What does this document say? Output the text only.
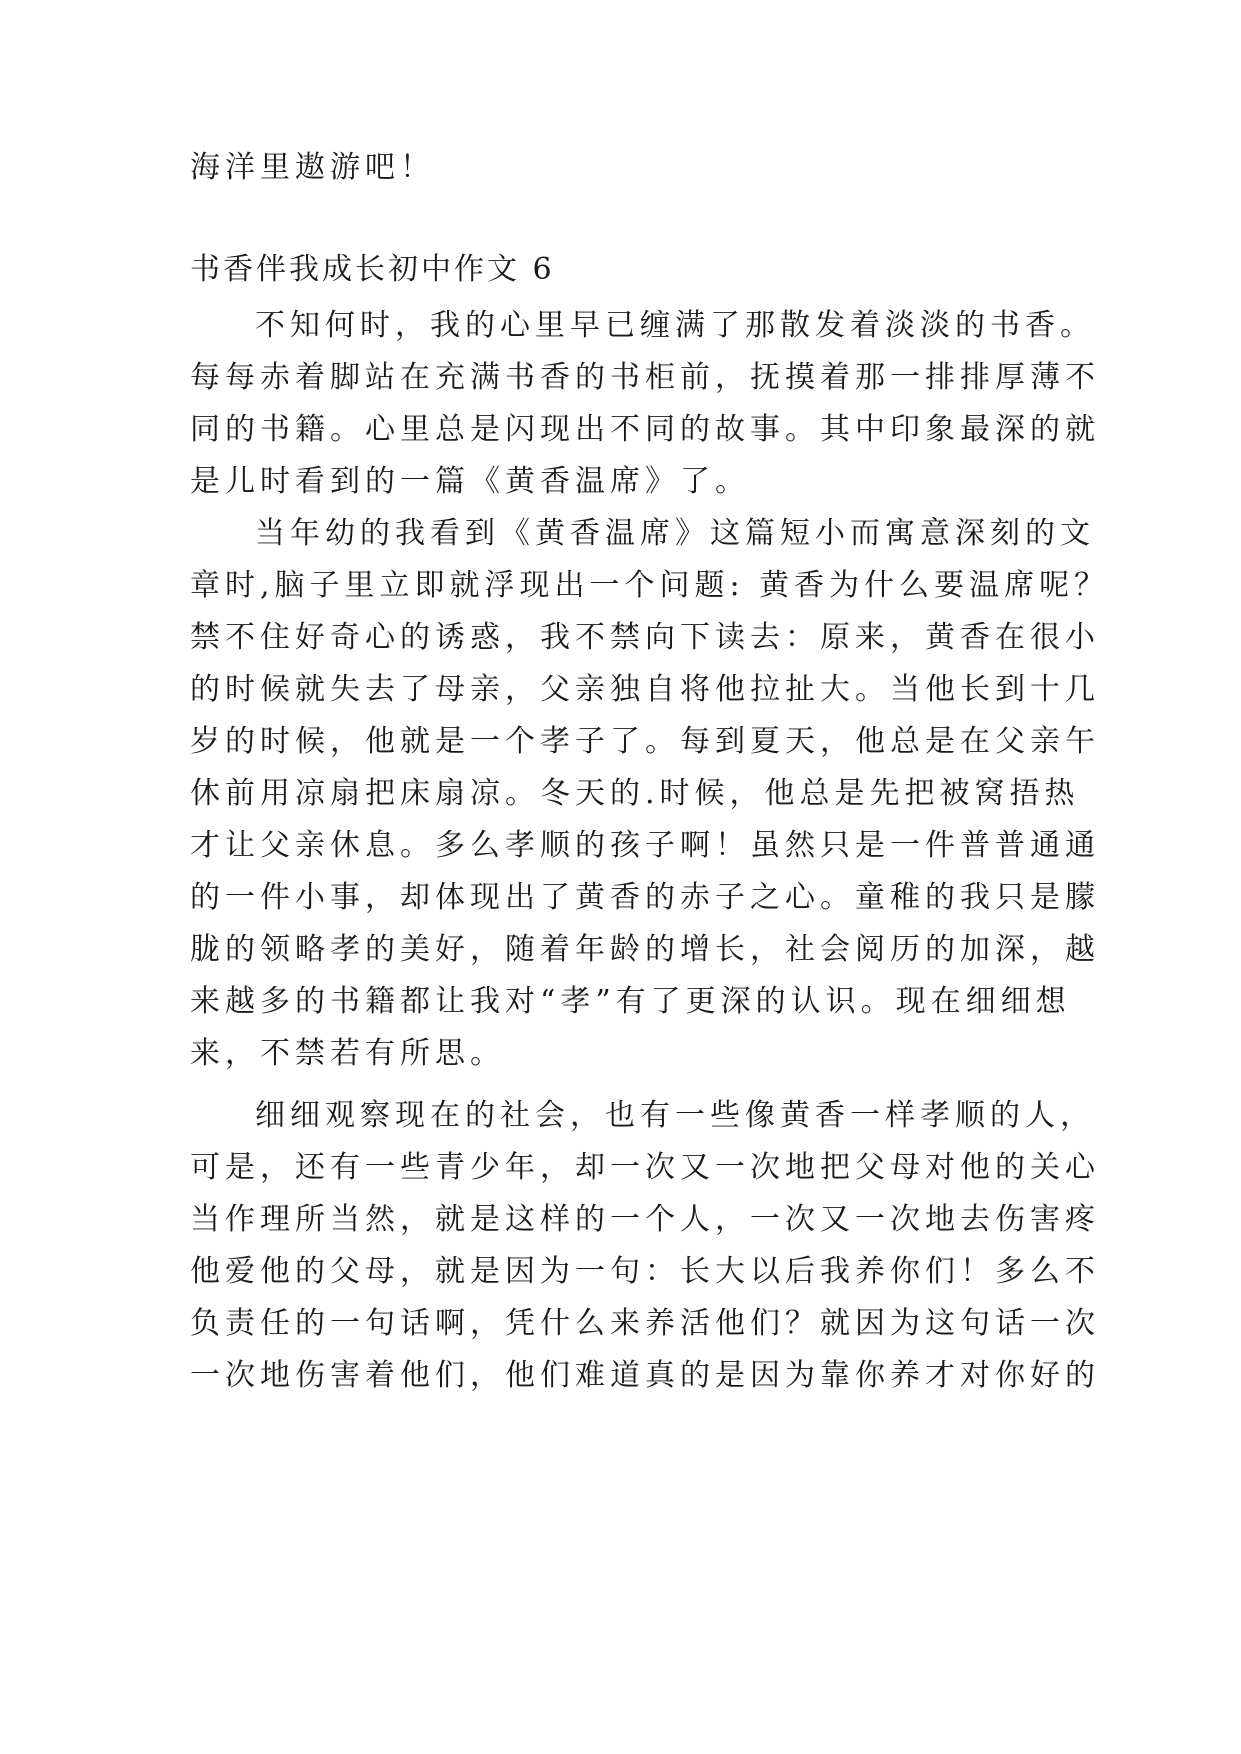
海洋里遨游吧！
书香伴我成长初中作文 6
不知何时，我的心里早已缠满了那散发着淡淡的书香。
每每赤着脚站在充满书香的书柜前，抚摸着那一排排厚薄不
同的书籍。心里总是闪现出不同的故事。其中印象最深的就
是儿时看到的一篇《黄香温席》了。
当年幼的我看到《黄香温席》这篇短小而寓意深刻的文
章时,脑子里立即就浮现出一个问题: 黄香为什么要温席呢？
禁不住好奇心的诱惑，我不禁向下读去：原来，黄香在很小
的时候就失去了母亲，父亲独自将他拉扯大。当他长到十几
岁的时候，他就是一个孝子了。每到夏天，他总是在父亲午
休前用凉扇把床扇凉。冬天的.时候，他总是先把被窝捂热
才让父亲休息。多么孝顺的孩子啊！虽然只是一件普普通通
的一件小事，却体现出了黄香的赤子之心。童稚的我只是朦
胧的领略孝的美好，随着年龄的增长，社会阅历的加深，越
来越多的书籍都让我对“孝”有了更深的认识。现在细细想
来，不禁若有所思。
细细观察现在的社会，也有一些像黄香一样孝顺的人，
可是，还有一些青少年，却一次又一次地把父母对他的关心
当作理所当然，就是这样的一个人，一次又一次地去伤害疼
他爱他的父母，就是因为一句：长大以后我养你们！多么不
负责任的一句话啊，凭什么来养活他们？就因为这句话一次
一次地伤害着他们，他们难道真的是因为靠你养才对你好的
